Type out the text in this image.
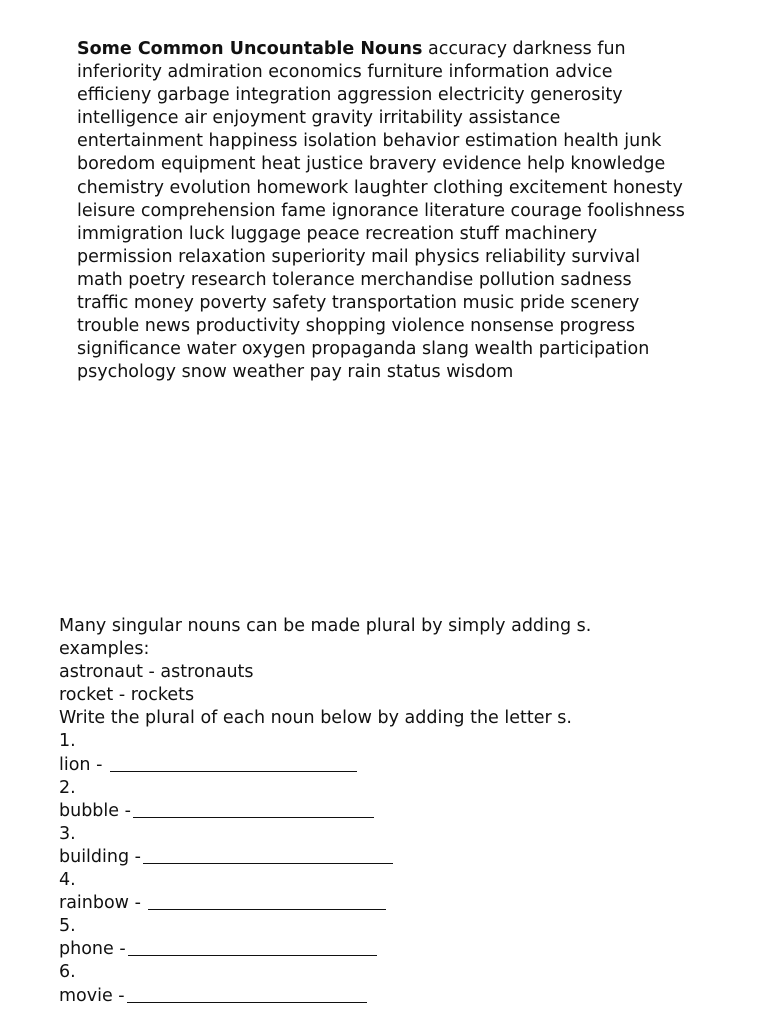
Some Common Uncountable Nouns accuracy darkness fun inferiority admiration economics furniture information advice efficieny garbage integration aggression electricity generosity intelligence air enjoyment gravity irritability assistance entertainment happiness isolation behavior estimation health junk boredom equipment heat justice bravery evidence help knowledge chemistry evolution homework laughter clothing excitement honesty leisure comprehension fame ignorance literature courage foolishness immigration luck luggage peace recreation stuff machinery permission relaxation superiority mail physics reliability survival math poetry research tolerance merchandise pollution sadness traffic money poverty safety transportation music pride scenery trouble news productivity shopping violence nonsense progress significance water oxygen propaganda slang wealth participation psychology snow weather pay rain status wisdom

Many singular nouns can be made plural by simply adding s.
examples:
astronaut - astronauts
rocket - rockets
Write the plural of each noun below by adding the letter s.
1.
lion -
2.
bubble -
3.
building -
4.
rainbow -
5.
phone -
6.
movie -
